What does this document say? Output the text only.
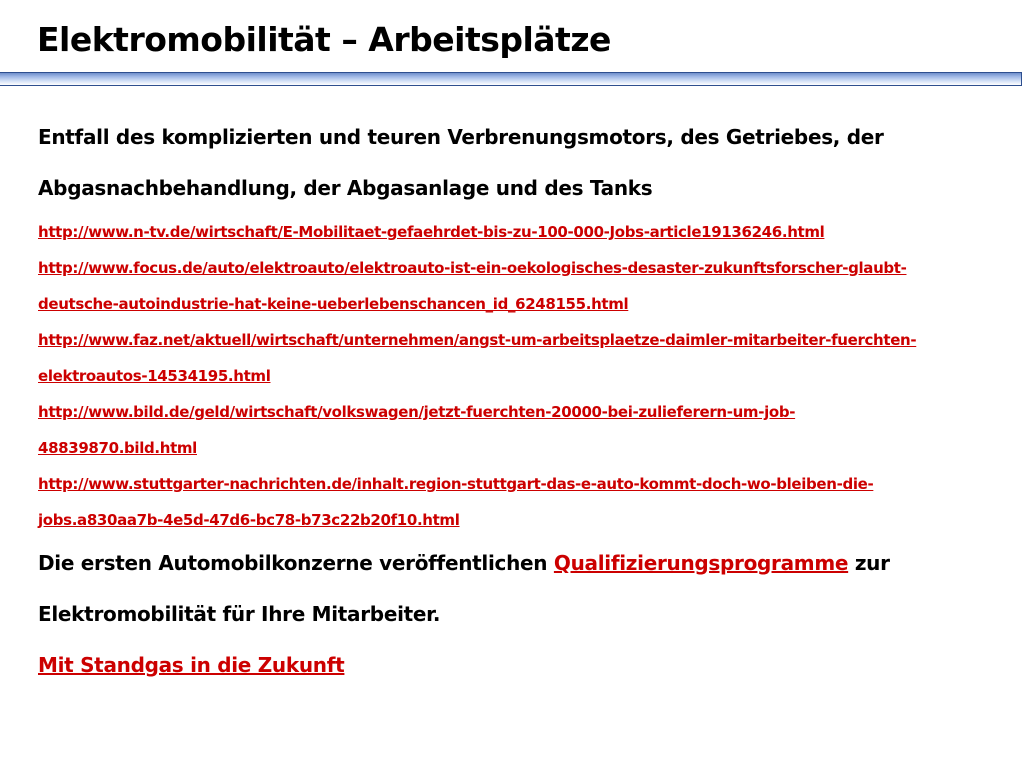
Elektromobilität – Arbeitsplätze

Entfall des komplizierten und teuren Verbrenungsmotors, des Getriebes, der

Abgasnachbehandlung, der Abgasanlage und des Tanks

http://www.n-tv.de/wirtschaft/E-Mobilitaet-gefaehrdet-bis-zu-100-000-Jobs-article19136246.html

http://www.focus.de/auto/elektroauto/elektroauto-ist-ein-oekologisches-desaster-zukunftsforscher-glaubt-

deutsche-autoindustrie-hat-keine-ueberlebenschancen_id_6248155.html

http://www.faz.net/aktuell/wirtschaft/unternehmen/angst-um-arbeitsplaetze-daimler-mitarbeiter-fuerchten-

elektroautos-14534195.html

http://www.bild.de/geld/wirtschaft/volkswagen/jetzt-fuerchten-20000-bei-zulieferern-um-job-

48839870.bild.html

http://www.stuttgarter-nachrichten.de/inhalt.region-stuttgart-das-e-auto-kommt-doch-wo-bleiben-die-

jobs.a830aa7b-4e5d-47d6-bc78-b73c22b20f10.html

Die ersten Automobilkonzerne veröffentlichen Qualifizierungsprogramme zur

Elektromobilität für Ihre Mitarbeiter.

Mit Standgas in die Zukunft
